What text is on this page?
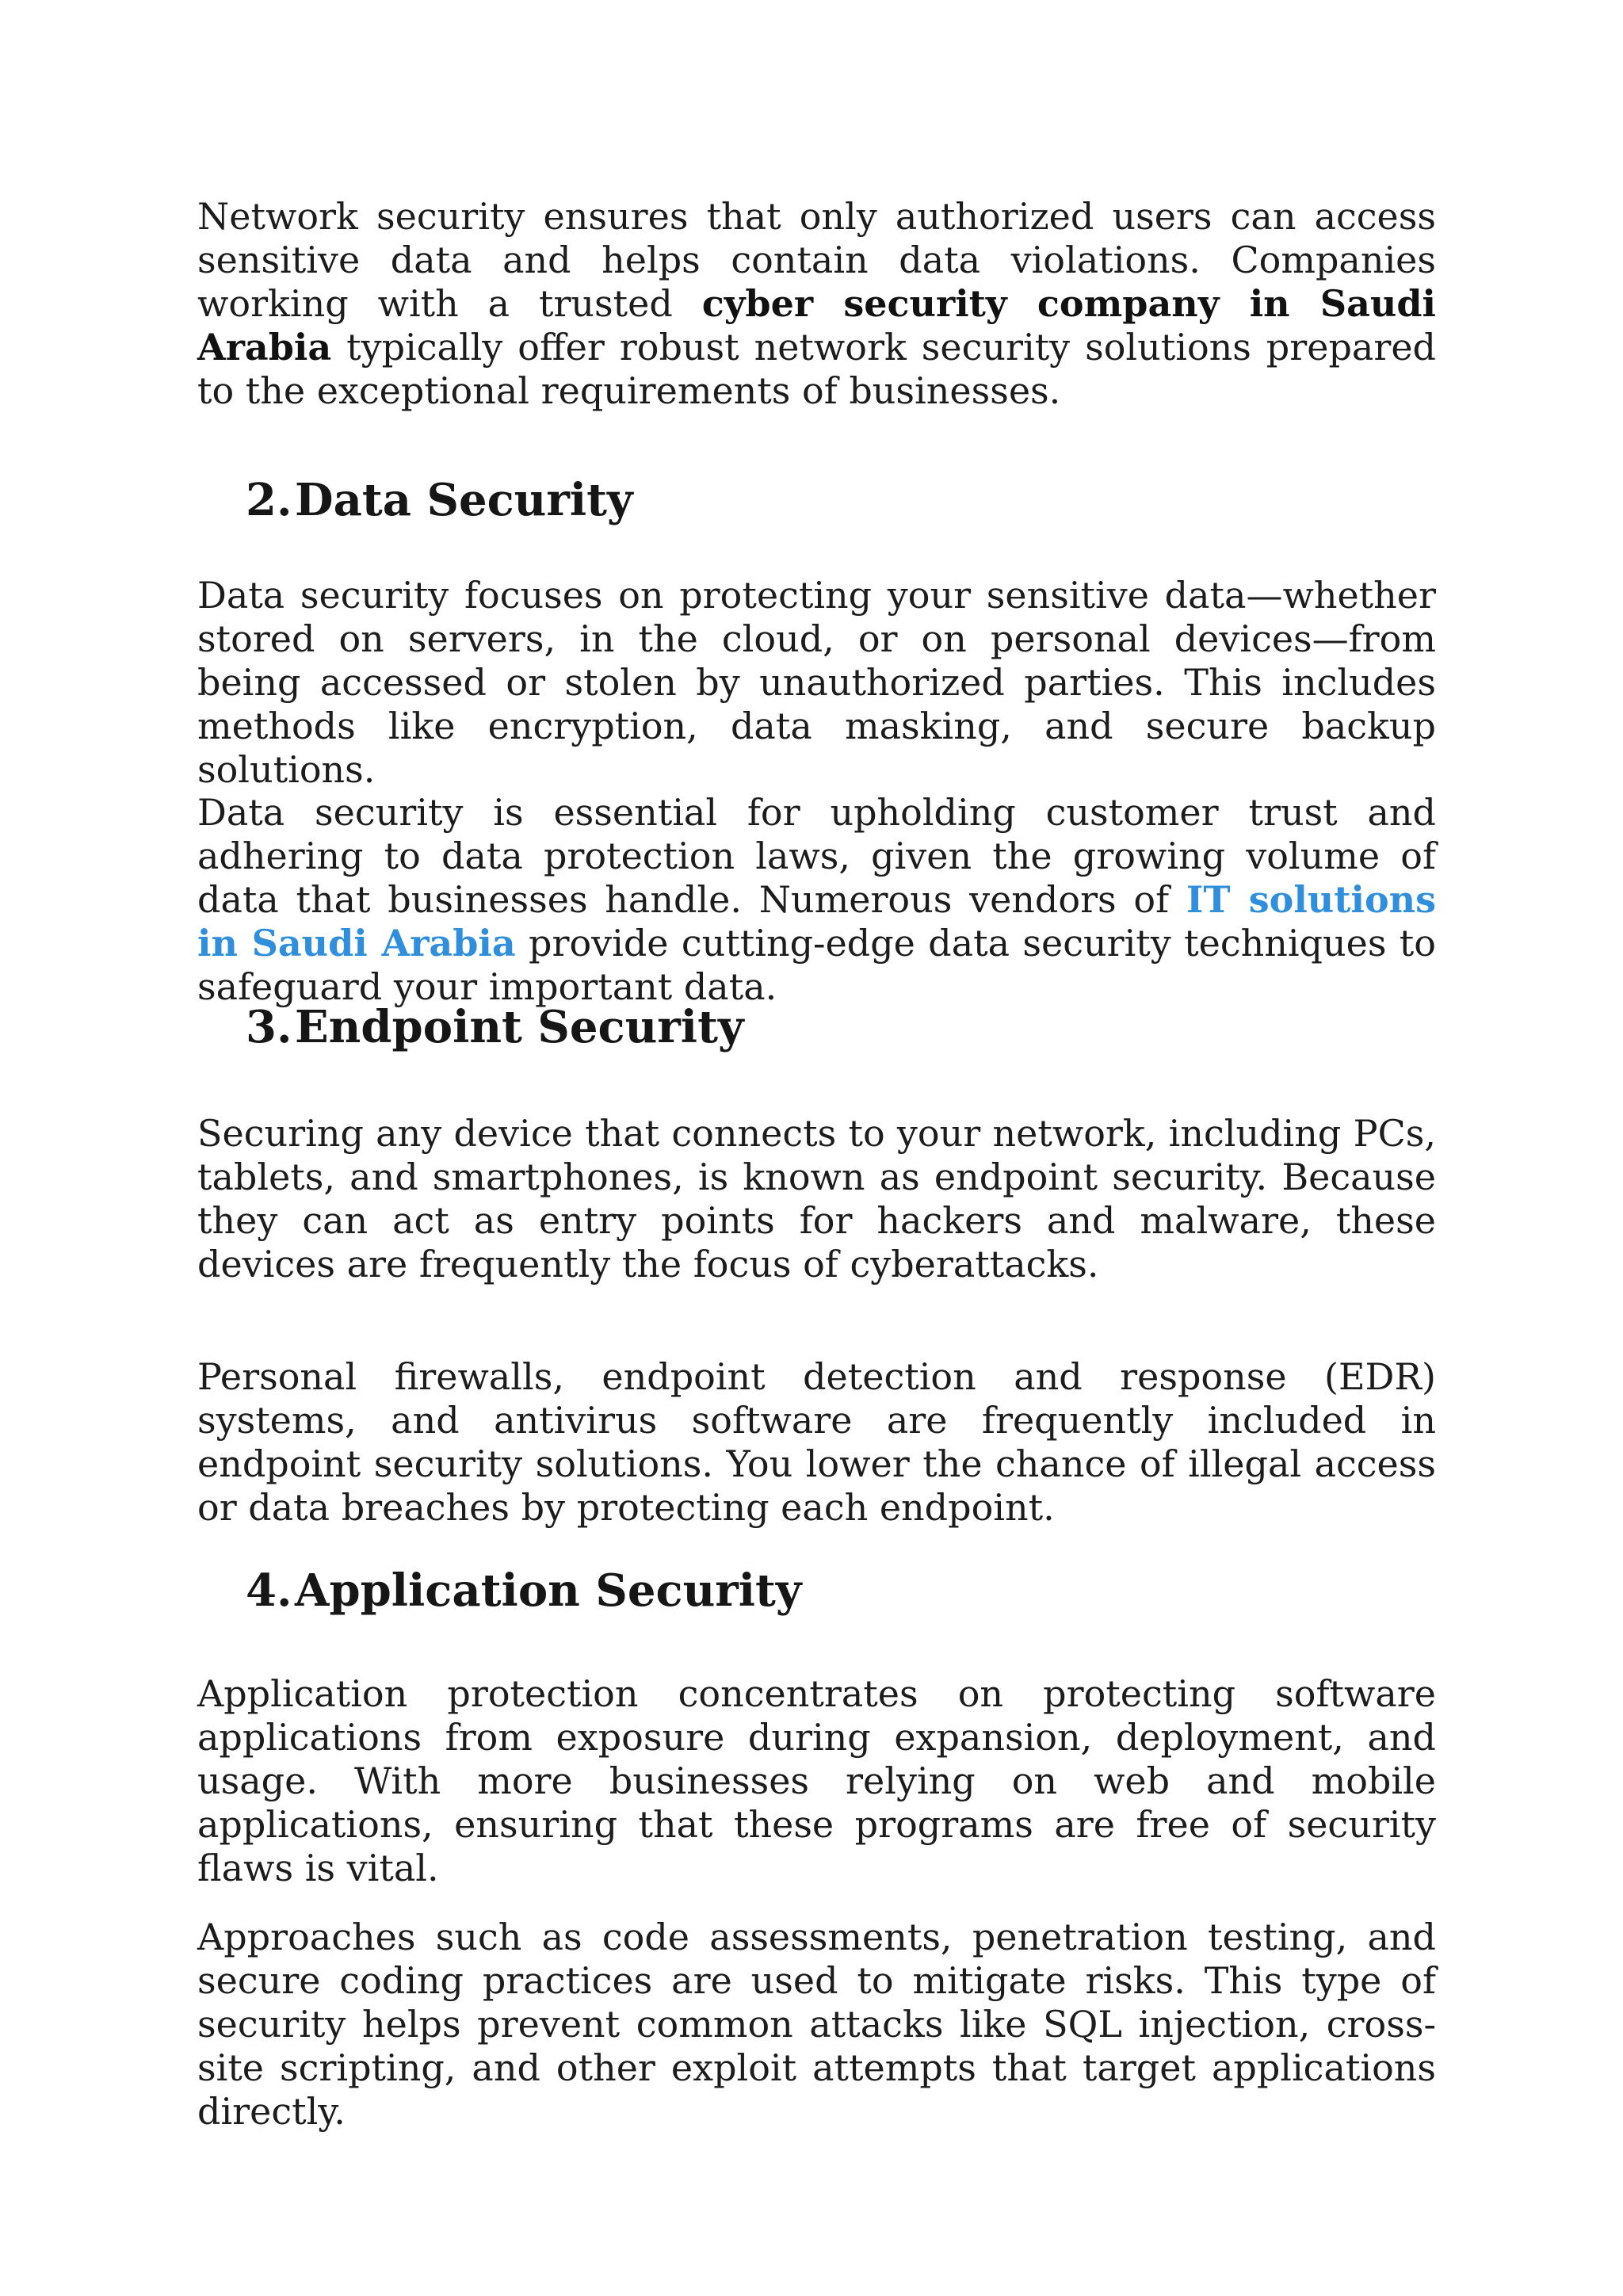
Network security ensures that only authorized users can access sensitive data and helps contain data violations. Companies working with a trusted cyber security company in Saudi Arabia typically offer robust network security solutions prepared to the exceptional requirements of businesses.

2.Data Security

Data security focuses on protecting your sensitive data—whether stored on servers, in the cloud, or on personal devices—from being accessed or stolen by unauthorized parties. This includes methods like encryption, data masking, and secure backup solutions.

Data security is essential for upholding customer trust and adhering to data protection laws, given the growing volume of data that businesses handle. Numerous vendors of IT solutions in Saudi Arabia provide cutting-edge data security techniques to safeguard your important data.

3.Endpoint Security

Securing any device that connects to your network, including PCs, tablets, and smartphones, is known as endpoint security. Because they can act as entry points for hackers and malware, these devices are frequently the focus of cyberattacks.

Personal firewalls, endpoint detection and response (EDR) systems, and antivirus software are frequently included in endpoint security solutions. You lower the chance of illegal access or data breaches by protecting each endpoint.

4.Application Security

Application protection concentrates on protecting software applications from exposure during expansion, deployment, and usage. With more businesses relying on web and mobile applications, ensuring that these programs are free of security flaws is vital.

Approaches such as code assessments, penetration testing, and secure coding practices are used to mitigate risks. This type of security helps prevent common attacks like SQL injection, cross-site scripting, and other exploit attempts that target applications directly.
